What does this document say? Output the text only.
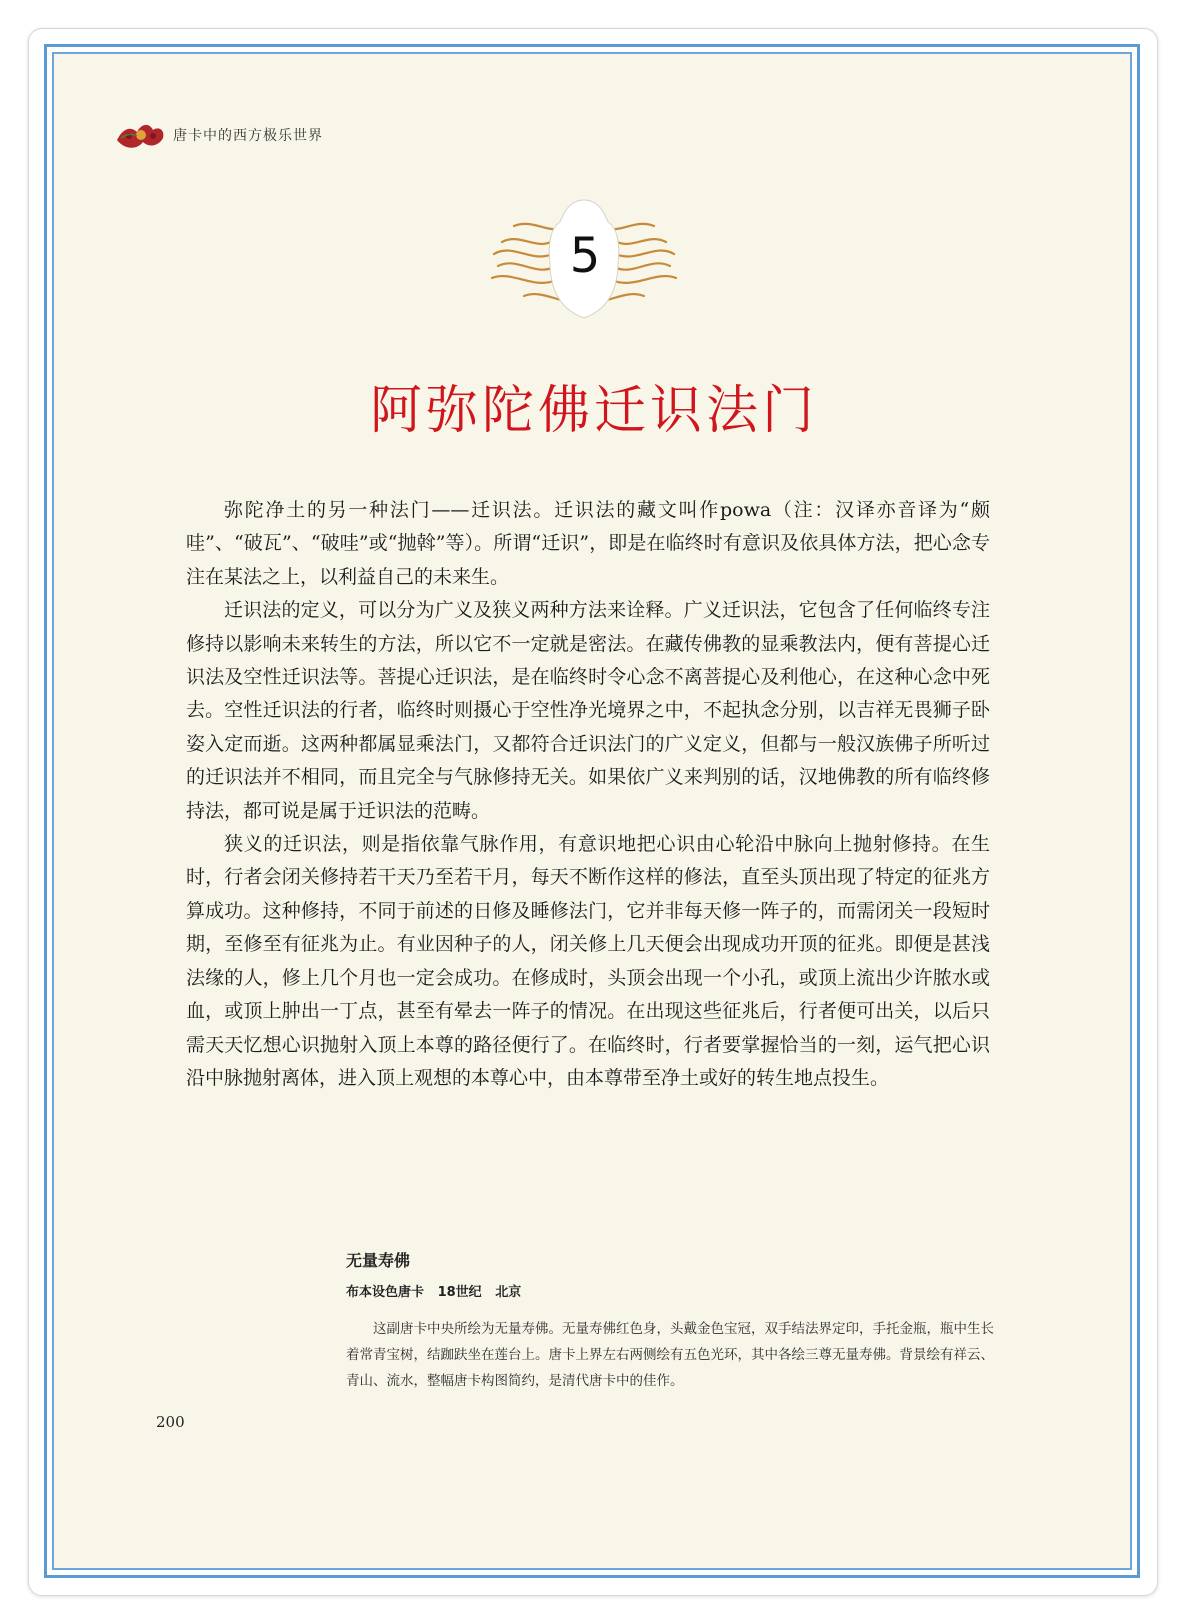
唐卡中的西方极乐世界
5
阿弥陀佛迁识法门

弥陀净土的另一种法门——迁识法。迁识法的藏文叫作powa（注：汉译亦音译为“颇哇”、“破瓦”、“破哇”或“抛斡”等）。所谓“迁识”，即是在临终时有意识及依具体方法，把心念专注在某法之上，以利益自己的未来生。

迁识法的定义，可以分为广义及狭义两种方法来诠释。广义迁识法，它包含了任何临终专注修持以影响未来转生的方法，所以它不一定就是密法。在藏传佛教的显乘教法内，便有菩提心迁识法及空性迁识法等。菩提心迁识法，是在临终时令心念不离菩提心及利他心，在这种心念中死去。空性迁识法的行者，临终时则摄心于空性净光境界之中，不起执念分别，以吉祥无畏狮子卧姿入定而逝。这两种都属显乘法门，又都符合迁识法门的广义定义，但都与一般汉族佛子所听过的迁识法并不相同，而且完全与气脉修持无关。如果依广义来判别的话，汉地佛教的所有临终修持法，都可说是属于迁识法的范畴。

狭义的迁识法，则是指依靠气脉作用，有意识地把心识由心轮沿中脉向上抛射修持。在生时，行者会闭关修持若干天乃至若干月，每天不断作这样的修法，直至头顶出现了特定的征兆方算成功。这种修持，不同于前述的日修及睡修法门，它并非每天修一阵子的，而需闭关一段短时期，至修至有征兆为止。有业因种子的人，闭关修上几天便会出现成功开顶的征兆。即便是甚浅法缘的人，修上几个月也一定会成功。在修成时，头顶会出现一个小孔，或顶上流出少许脓水或血，或顶上肿出一丁点，甚至有晕去一阵子的情况。在出现这些征兆后，行者便可出关，以后只需天天忆想心识抛射入顶上本尊的路径便行了。在临终时，行者要掌握恰当的一刻，运气把心识沿中脉抛射离体，进入顶上观想的本尊心中，由本尊带至净土或好的转生地点投生。

无量寿佛

布本设色唐卡   18世纪   北京

这副唐卡中央所绘为无量寿佛。无量寿佛红色身，头戴金色宝冠，双手结法界定印，手托金瓶，瓶中生长着常青宝树，结跏趺坐在莲台上。唐卡上界左右两侧绘有五色光环，其中各绘三尊无量寿佛。背景绘有祥云、青山、流水，整幅唐卡构图简约，是清代唐卡中的佳作。

200
